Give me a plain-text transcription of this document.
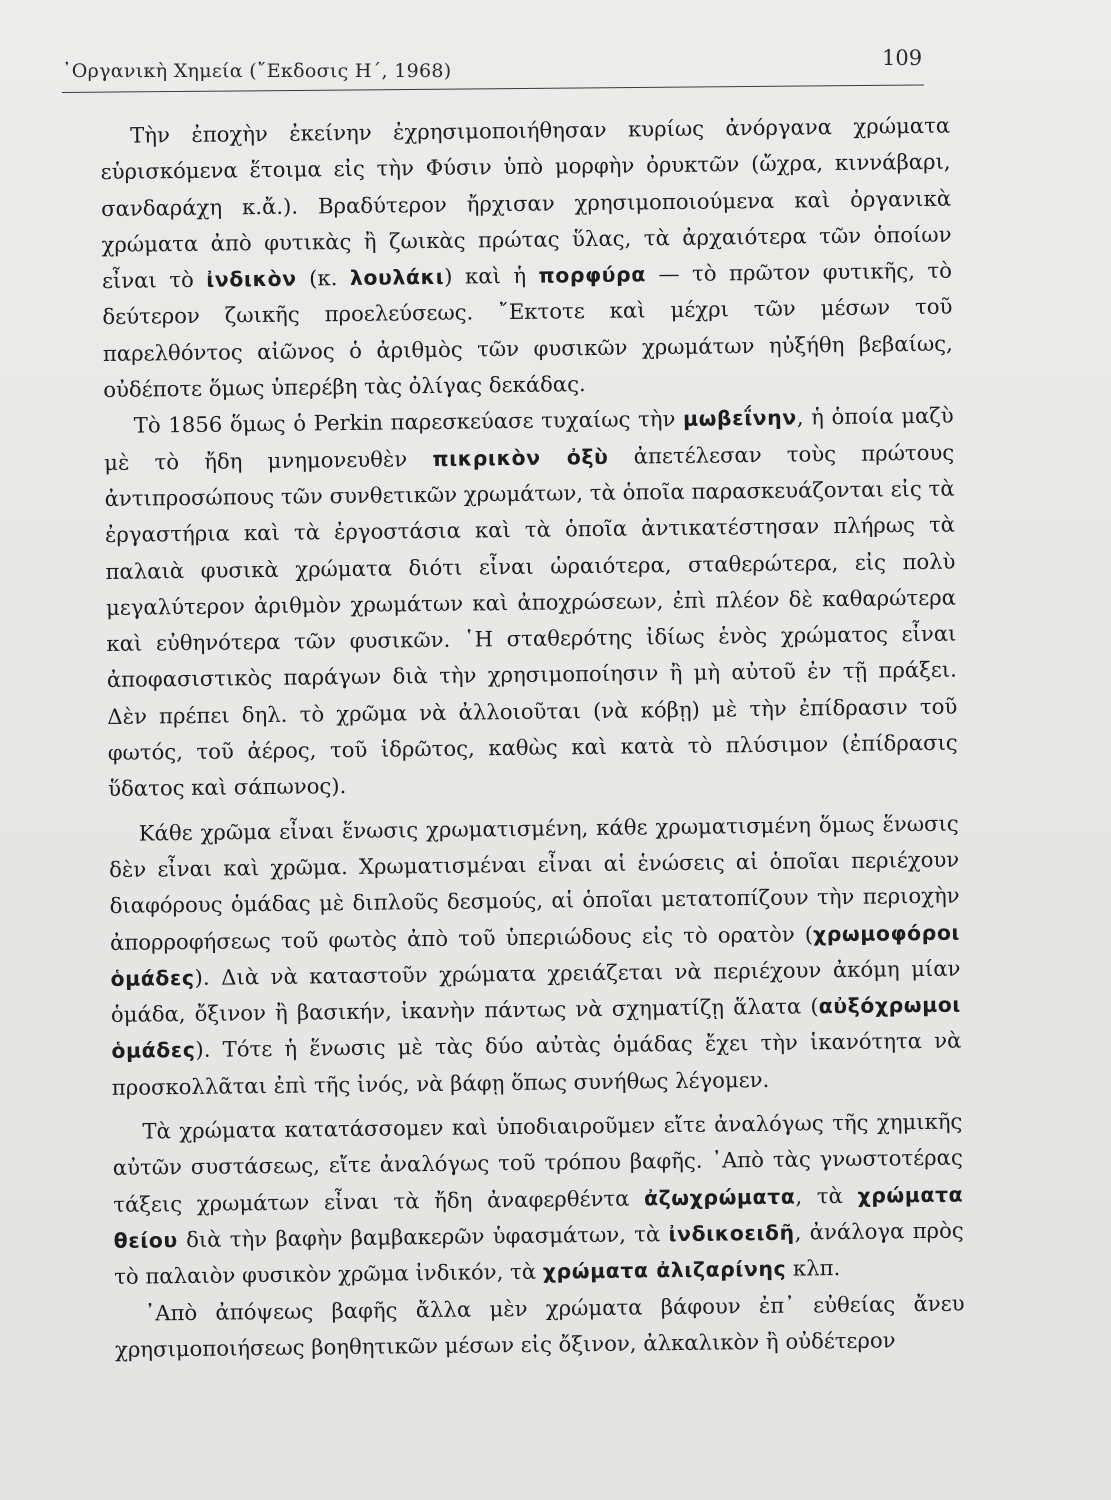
᾿Οργανικὴ Χημεία (῎Εκδοσις Η΄, 1968)
109

Τὴν ἐποχὴν ἐκείνην ἐχρησιμοποιήθησαν κυρίως ἀνόργανα χρώματα εὑρισκόμενα ἕτοιμα εἰς τὴν Φύσιν ὑπὸ μορφὴν ὀρυκτῶν (ὤχρα, κιννάβαρι, σανδαράχη κ.ἄ.). Βραδύτερον ἤρχισαν χρησιμοποιούμενα καὶ ὀργανικὰ χρώματα ἀπὸ φυτικὰς ἢ ζωικὰς πρώτας ὕλας, τὰ ἀρχαιότερα τῶν ὁποίων εἶναι τὸ ἰνδικὸν (κ. λουλάκι) καὶ ἡ πορφύρα — τὸ πρῶτον φυτικῆς, τὸ δεύτερον ζωικῆς προελεύσεως. ῎Εκτοτε καὶ μέχρι τῶν μέσων τοῦ παρελθόντος αἰῶνος ὁ ἀριθμὸς τῶν φυσικῶν χρωμάτων ηὐξήθη βεβαίως, οὐδέποτε ὅμως ὑπερέβη τὰς ὀλίγας δεκάδας.

Τὸ 1856 ὅμως ὁ Perkin παρεσκεύασε τυχαίως τὴν μωβεΐνην, ἡ ὁποία μαζὺ μὲ τὸ ἤδη μνημονευθὲν πικρικὸν ὀξὺ ἀπετέλεσαν τοὺς πρώτους ἀντιπροσώπους τῶν συνθετικῶν χρωμάτων, τὰ ὁποῖα παρασκευάζονται εἰς τὰ ἐργαστήρια καὶ τὰ ἐργοστάσια καὶ τὰ ὁποῖα ἀντικατέστησαν πλήρως τὰ παλαιὰ φυσικὰ χρώματα διότι εἶναι ὡραιότερα, σταθερώτερα, εἰς πολὺ μεγαλύτερον ἀριθμὸν χρωμάτων καὶ ἀποχρώσεων, ἐπὶ πλέον δὲ καθαρώτερα καὶ εὐθηνότερα τῶν φυσικῶν. ῾Η σταθερότης ἰδίως ἑνὸς χρώματος εἶναι ἀποφασιστικὸς παράγων διὰ τὴν χρησιμοποίησιν ἢ μὴ αὐτοῦ ἐν τῇ πράξει. Δὲν πρέπει δηλ. τὸ χρῶμα νὰ ἀλλοιοῦται (νὰ κόβῃ) μὲ τὴν ἐπίδρασιν τοῦ φωτός, τοῦ ἀέρος, τοῦ ἱδρῶτος, καθὼς καὶ κατὰ τὸ πλύσιμον (ἐπίδρασις ὕδατος καὶ σάπωνος).

Κάθε χρῶμα εἶναι ἕνωσις χρωματισμένη, κάθε χρωματισμένη ὅμως ἕνωσις δὲν εἶναι καὶ χρῶμα. Χρωματισμέναι εἶναι αἱ ἑνώσεις αἱ ὁποῖαι περιέχουν διαφόρους ὁμάδας μὲ διπλοῦς δεσμούς, αἱ ὁποῖαι μετατοπίζουν τὴν περιοχὴν ἀπορροφήσεως τοῦ φωτὸς ἀπὸ τοῦ ὑπεριώδους εἰς τὸ ορατὸν (χρωμοφόροι ὁμάδες). Διὰ νὰ καταστοῦν χρώματα χρειάζεται νὰ περιέχουν ἀκόμη μίαν ὁμάδα, ὄξινον ἢ βασικήν, ἱκανὴν πάντως νὰ σχηματίζῃ ἅλατα (αὐξόχρωμοι ὁμάδες). Τότε ἡ ἕνωσις μὲ τὰς δύο αὐτὰς ὁμάδας ἔχει τὴν ἱκανότητα νὰ προσκολλᾶται ἐπὶ τῆς ἰνός, νὰ βάφῃ ὅπως συνήθως λέγομεν.

Τὰ χρώματα κατατάσσομεν καὶ ὑποδιαιροῦμεν εἴτε ἀναλόγως τῆς χημικῆς αὐτῶν συστάσεως, εἴτε ἀναλόγως τοῦ τρόπου βαφῆς. ᾿Απὸ τὰς γνωστοτέρας τάξεις χρωμάτων εἶναι τὰ ἤδη ἀναφερθέντα ἀζωχρώματα, τὰ χρώματα θείου διὰ τὴν βαφὴν βαμβακερῶν ὑφασμάτων, τὰ ἰνδικοειδῆ, ἀνάλογα πρὸς τὸ παλαιὸν φυσικὸν χρῶμα ἰνδικόν, τὰ χρώματα ἀλιζαρίνης κλπ.

᾿Απὸ ἀπόψεως βαφῆς ἄλλα μὲν χρώματα βάφουν ἐπ᾿ εὐθείας ἄνευ χρησιμοποιήσεως βοηθητικῶν μέσων εἰς ὄξινον, ἀλκαλικὸν ἢ οὐδέτερον
